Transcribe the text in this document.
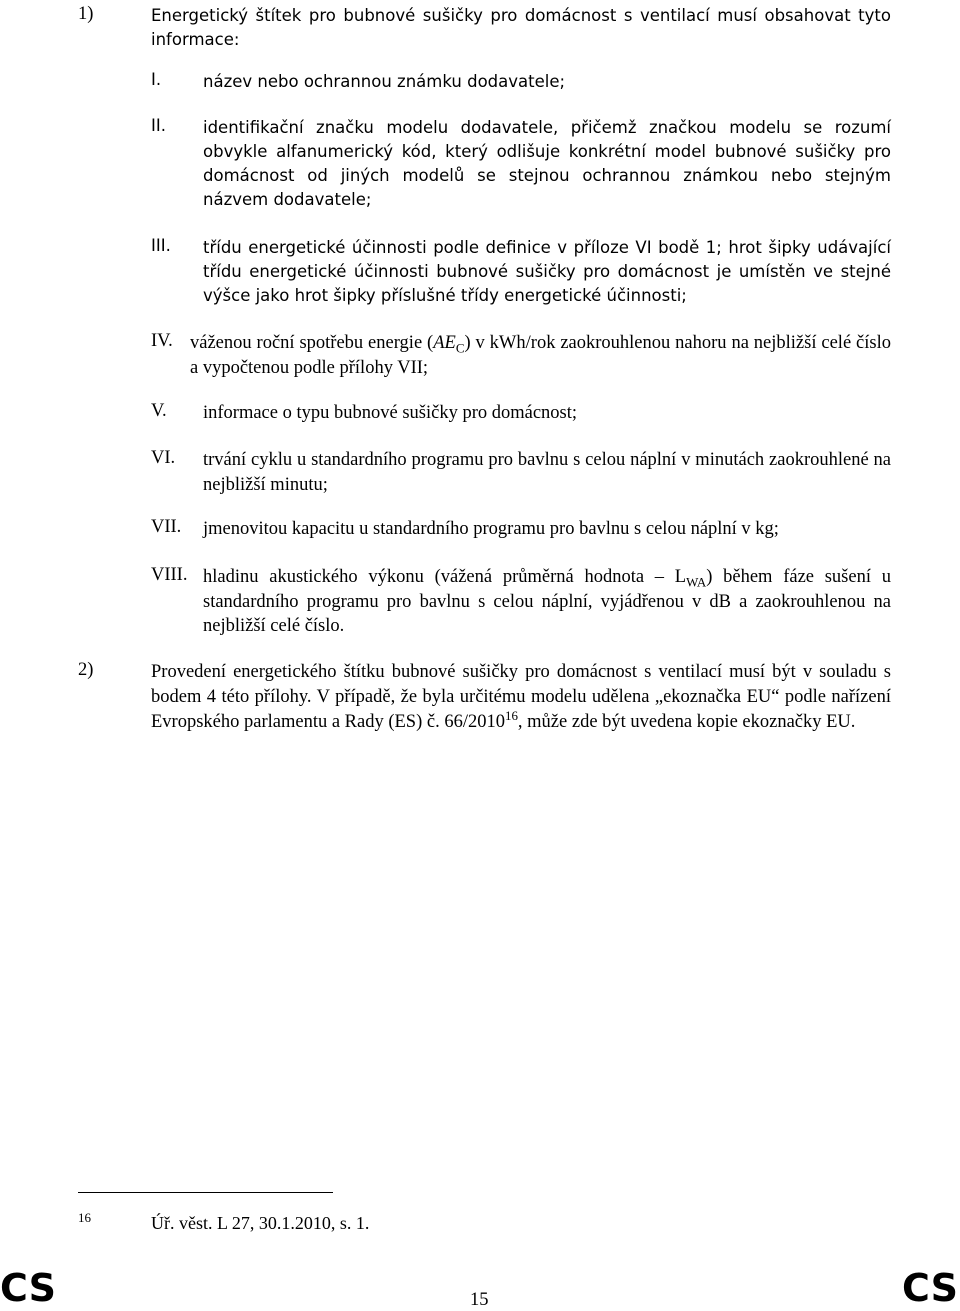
1)	Energetický štítek pro bubnové sušičky pro domácnost s ventilací musí obsahovat tyto informace:
I.	název nebo ochrannou známku dodavatele;
II. identifikační značku modelu dodavatele, přičemž značkou modelu se rozumí obvykle alfanumerický kód, který odlišuje konkrétní model bubnové sušičky pro domácnost od jiných modelů se stejnou ochrannou známkou nebo stejným názvem dodavatele;
III. třídu energetické účinnosti podle definice v příloze VI bodě 1; hrot šipky udávající třídu energetické účinnosti bubnové sušičky pro domácnost je umístěn ve stejné výšce jako hrot šipky příslušné třídy energetické účinnosti;
IV. váženou roční spotřebu energie $(AE_C)$ v kWh/rok zaokrouhlenou nahoru na nejbližší celé číslo a vypočtenou podle přílohy VII;
V. informace o typu bubnové sušičky pro domácnost;
VI. trvání cyklu u standardního programu pro bavlnu s celou náplní v minutách zaokrouhlené na nejbližší minutu;
VII. jmenovitou kapacitu u standardního programu pro bavlnu s celou náplní v kg;
VIII. hladinu akustického výkonu (vážená průměrná hodnota – $L_{WA}$) během fáze sušení u standardního programu pro bavlnu s celou náplní, vyjádřenou v dB a zaokrouhlenou na nejbližší celé číslo.
2)	Provedení energetického štítku bubnové sušičky pro domácnost s ventilací musí být v souladu s bodem 4 této přílohy. V případě, že byla určitému modelu udělena „ekoznačka EU“ podle nařízení Evropského parlamentu a Rady (ES) č. 66/2010$^{16}$, může zde být uvedena kopie ekoznačky EU.
16	Úř. věst. L 27, 30.1.2010, s. 1.
CS	15	CS
